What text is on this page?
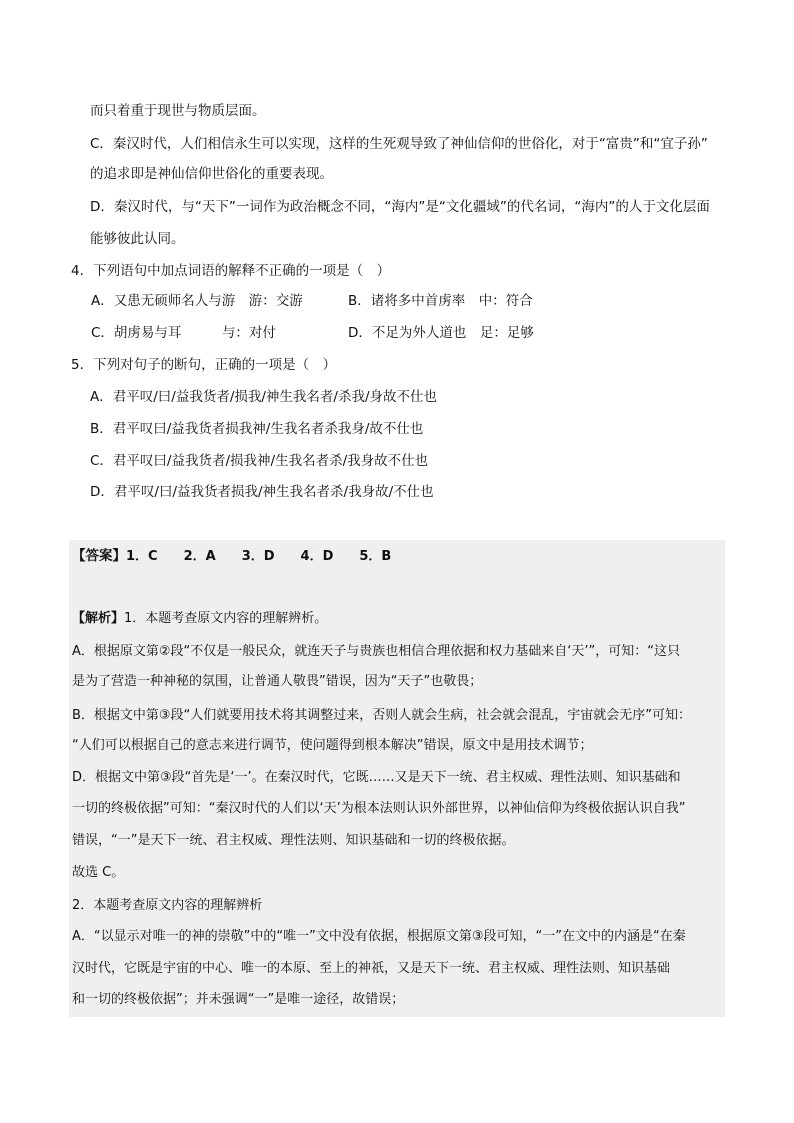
而只着重于现世与物质层面。
C．秦汉时代，人们相信永生可以实现，这样的生死观导致了神仙信仰的世俗化，对于“富贵”和“宜子孙”
的追求即是神仙信仰世俗化的重要表现。
D．秦汉时代，与“天下”一词作为政治概念不同，“海内”是“文化疆域”的代名词，“海内”的人于文化层面
能够彼此认同。
4．下列语句中加点词语的解释不正确的一项是（　）
A．又患无硕师名人与游　游：交游	B．诸将多中首虏率　中：符合
C．胡虏易与耳　　　与：对付	D．不足为外人道也　足：足够
5．下列对句子的断句，正确的一项是（　）
A．君平叹/曰/益我货者/损我/神生我名者/杀我/身故不仕也
B．君平叹曰/益我货者损我神/生我名者杀我身/故不仕也
C．君平叹曰/益我货者/损我神/生我名者杀/我身故不仕也
D．君平叹/曰/益我货者损我/神生我名者杀/我身故/不仕也
【答案】1．C　　2．A　　3．D　　4．D　　5．B
【解析】1．本题考查原文内容的理解辨析。
A．根据原文第②段“不仅是一般民众，就连天子与贵族也相信合理依据和权力基础来自‘天’”，可知：“这只
是为了营造一种神秘的氛围，让普通人敬畏”错误，因为“天子”也敬畏；
B．根据文中第③段“人们就要用技术将其调整过来，否则人就会生病，社会就会混乱，宇宙就会无序”可知：
“人们可以根据自己的意志来进行调节，使问题得到根本解决”错误，原文中是用技术调节；
D．根据文中第③段“首先是‘一’。在秦汉时代，它既……又是天下一统、君主权威、理性法则、知识基础和
一切的终极依据”可知：“秦汉时代的人们以‘天’为根本法则认识外部世界，以神仙信仰为终极依据认识自我”
错误，“一”是天下一统、君主权威、理性法则、知识基础和一切的终极依据。
故选 C。
2．本题考查原文内容的理解辨析
A．“以显示对唯一的神的崇敬”中的“唯一”文中没有依据，根据原文第③段可知，“一”在文中的内涵是“在秦
汉时代，它既是宇宙的中心、唯一的本原、至上的神祇，又是天下一统、君主权威、理性法则、知识基础
和一切的终极依据”；并未强调“一”是唯一途径，故错误；
